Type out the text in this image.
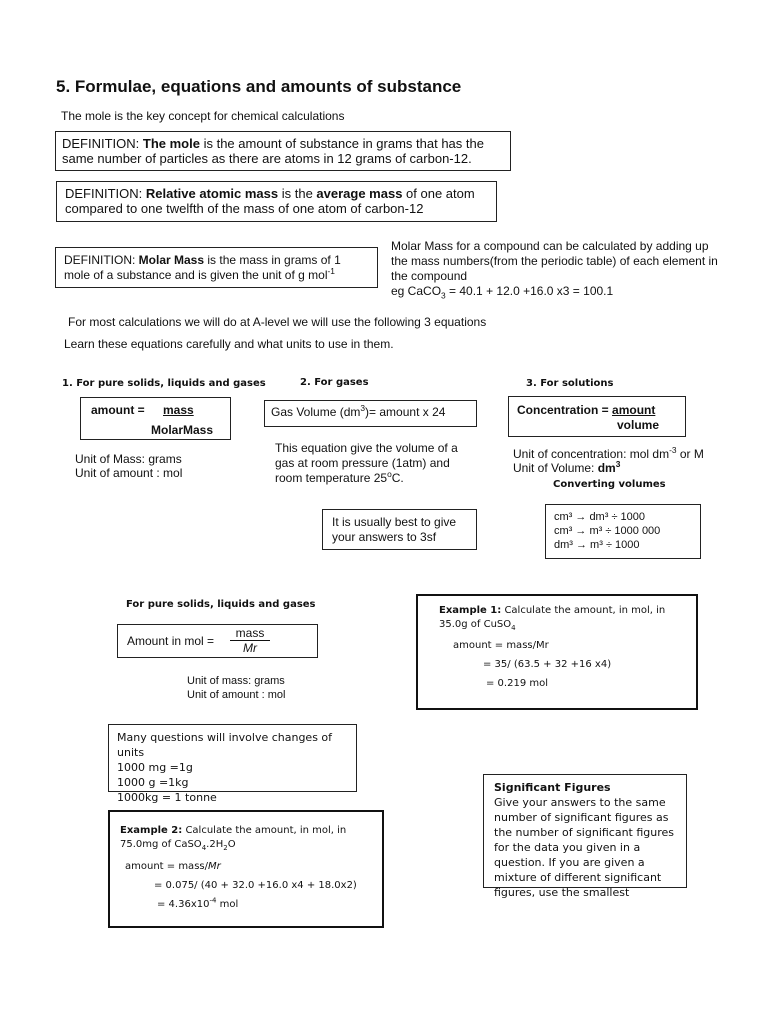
5. Formulae, equations and amounts of substance
The mole is the key concept for chemical calculations
DEFINITION: The mole is the amount of substance in grams that has the same number of particles as there are atoms in 12 grams of carbon-12.
DEFINITION: Relative atomic mass is the average mass of one atom compared to one twelfth of the mass of one atom of carbon-12
DEFINITION: Molar Mass is the mass in grams of 1 mole of a substance and is given the unit of g mol$^{-1}$
Molar Mass for a compound can be calculated by adding up the mass numbers(from the periodic table) of each element in the compound
eg CaCO$_3$ = 40.1 + 12.0 +16.0 x3 = 100.1
For most calculations we will do at A-level we will use the following 3 equations
Learn these equations carefully and what units to use in them.
1. For pure solids, liquids and gases	2. For gases	3. For solutions
amount = mass
MolarMass
Unit of Mass: grams
Unit of amount : mol
Gas Volume $(dm^3)=$ amount x 24
This equation give the volume of a gas at room pressure (1atm) and room temperature 25$^o$C.
Concentration = amount
volume
Unit of concentration: mol $dm^{-3}$ or M
Unit of Volume: $dm^3$
Converting volumes
cm³ → dm³ ÷ 1000
cm³ → m³ ÷ 1000 000
dm³ → m³ ÷ 1000
It is usually best to give your answers to 3sf
For pure solids, liquids and gases
Amount in mol =
mass
Mr
Unit of mass: grams
Unit of amount : mol
Example 1: Calculate the amount, in mol, in 35.0g of CuSO$_4$
amount = mass/Mr
= 35/ (63.5 + 32 +16 x4)
= 0.219 mol
Many questions will involve changes of units
1000 mg =1g
1000 g =1kg
1000kg = 1 tonne
Example 2: Calculate the amount, in mol, in 75.0mg of $CaSO_4.2H_2O$
amount = mass/Mr
= 0.075/ (40 + 32.0 +16.0 x4 + 18.0x2)
= $4.36x10^{-4}$ mol
Significant Figures
Give your answers to the same number of significant figures as the number of significant figures for the data you given in a question. If you are given a mixture of different significant figures, use the smallest
